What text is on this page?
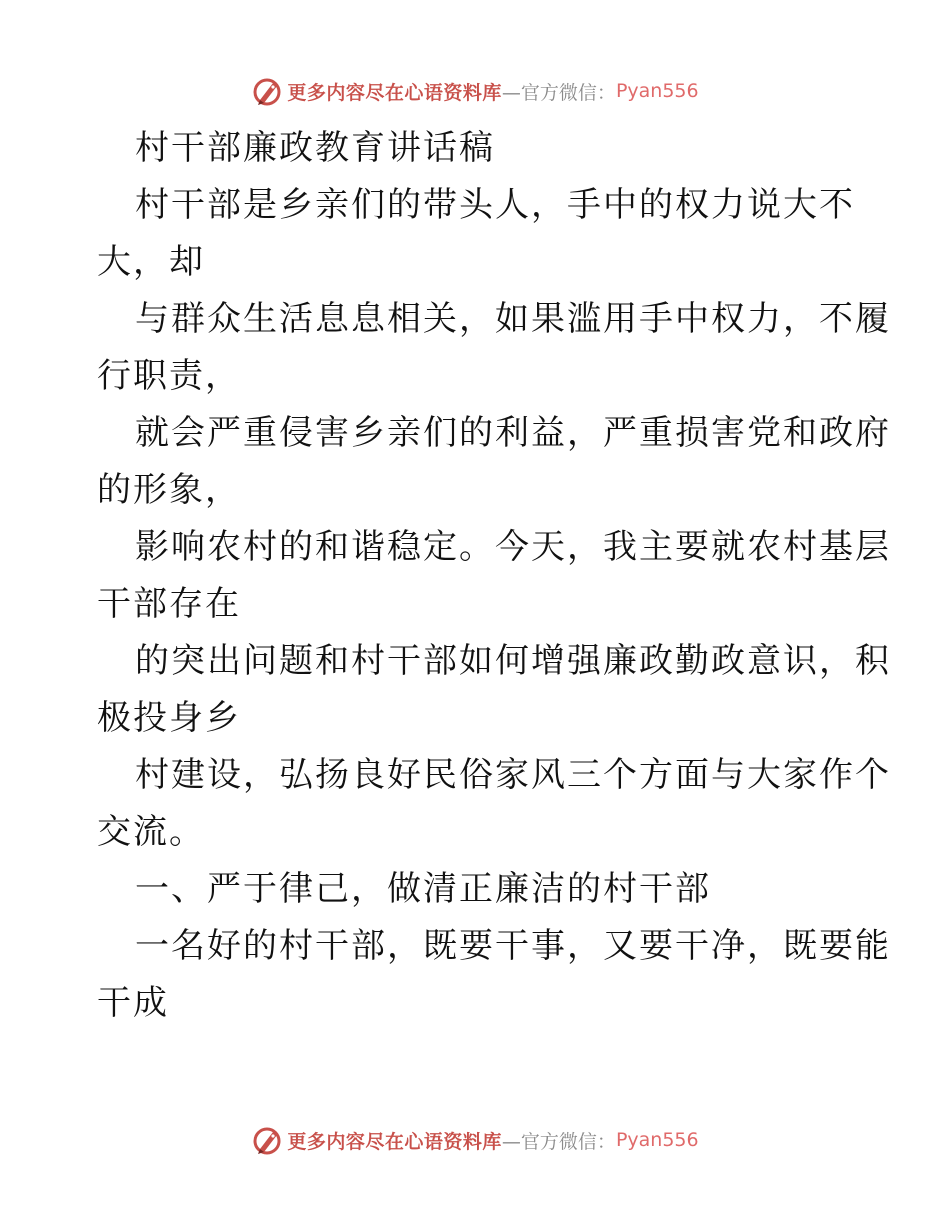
更多内容尽在心语资料库 —官方微信： Pyan556
村干部廉政教育讲话稿
村干部是乡亲们的带头人，手中的权力说大不
大，却
与群众生活息息相关，如果滥用手中权力，不履
行职责，
就会严重侵害乡亲们的利益，严重损害党和政府
的形象，
影响农村的和谐稳定。今天，我主要就农村基层
干部存在
的突出问题和村干部如何增强廉政勤政意识，积
极投身乡
村建设，弘扬良好民俗家风三个方面与大家作个
交流。
一、严于律己，做清正廉洁的村干部
一名好的村干部，既要干事，又要干净，既要能
干成
更多内容尽在心语资料库 —官方微信： Pyan556
